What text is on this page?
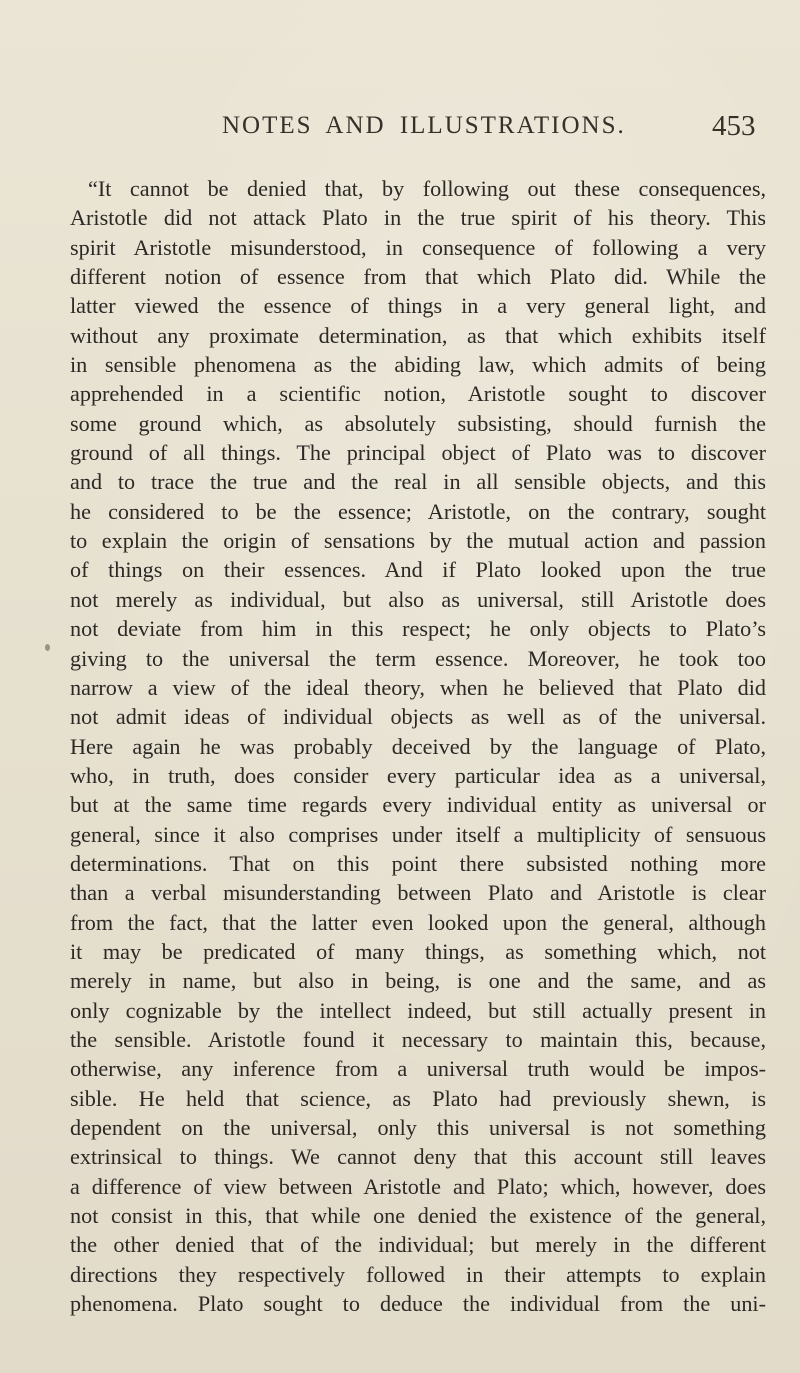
NOTES AND ILLUSTRATIONS.	453
“It cannot be denied that, by following out these consequences,
Aristotle did not attack Plato in the true spirit of his theory. This
spirit Aristotle misunderstood, in consequence of following a very
different notion of essence from that which Plato did. While the
latter viewed the essence of things in a very general light, and
without any proximate determination, as that which exhibits itself
in sensible phenomena as the abiding law, which admits of being
apprehended in a scientific notion, Aristotle sought to discover
some ground which, as absolutely subsisting, should furnish the
ground of all things. The principal object of Plato was to discover
and to trace the true and the real in all sensible objects, and this
he considered to be the essence; Aristotle, on the contrary, sought
to explain the origin of sensations by the mutual action and passion
of things on their essences. And if Plato looked upon the true
not merely as individual, but also as universal, still Aristotle does
not deviate from him in this respect; he only objects to Plato’s
giving to the universal the term essence. Moreover, he took too
narrow a view of the ideal theory, when he believed that Plato did
not admit ideas of individual objects as well as of the universal.
Here again he was probably deceived by the language of Plato,
who, in truth, does consider every particular idea as a universal,
but at the same time regards every individual entity as universal or
general, since it also comprises under itself a multiplicity of sensuous
determinations. That on this point there subsisted nothing more
than a verbal misunderstanding between Plato and Aristotle is clear
from the fact, that the latter even looked upon the general, although
it may be predicated of many things, as something which, not
merely in name, but also in being, is one and the same, and as
only cognizable by the intellect indeed, but still actually present in
the sensible. Aristotle found it necessary to maintain this, because,
otherwise, any inference from a universal truth would be impos-
sible. He held that science, as Plato had previously shewn, is
dependent on the universal, only this universal is not something
extrinsical to things. We cannot deny that this account still leaves
a difference of view between Aristotle and Plato; which, however, does
not consist in this, that while one denied the existence of the general,
the other denied that of the individual; but merely in the different
directions they respectively followed in their attempts to explain
phenomena. Plato sought to deduce the individual from the uni-
